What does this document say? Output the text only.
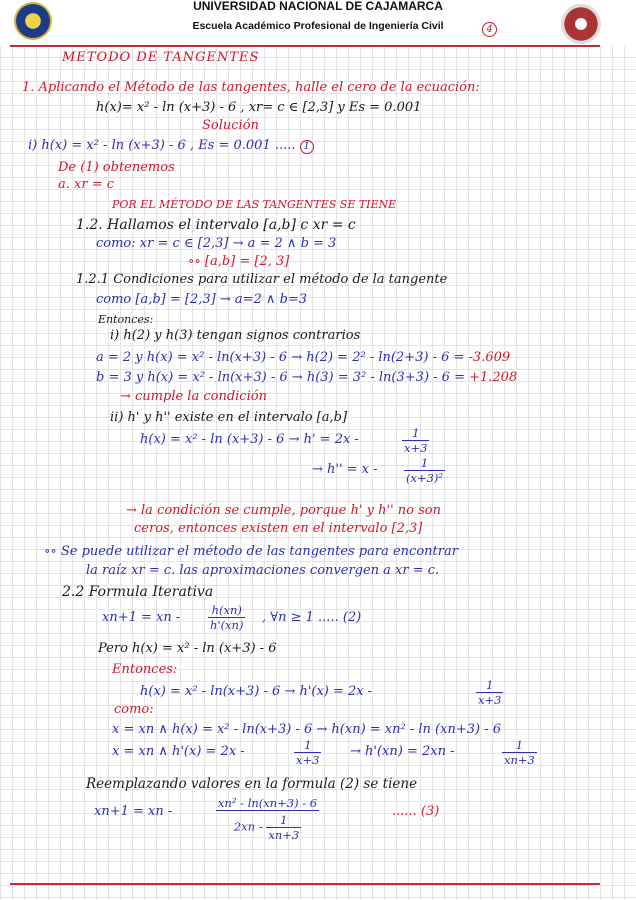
UNIVERSIDAD NACIONAL DE CAJAMARCA
Escuela Académico Profesional de Ingeniería Civil	4
METODO DE TANGENTES
1. Aplicando el Método de las tangentes, halle el cero de la ecuación:
h(x)= x² - ln (x+3) - 6 , xr= c ∈ [2,3] y Es = 0.001
Solución
i) h(x) = x² - ln (x+3) - 6 , Es = 0.001 ..... 1
De (1) obtenemos
a. xr = c
POR EL MÉTODO DE LAS TANGENTES SE TIENE
1.2. Hallamos el intervalo [a,b] c xr = c
como: xr = c ∈ [2,3] → a = 2 ∧ b = 3
∘∘ [a,b] = [2, 3]
1.2.1 Condiciones para utilizar el método de la tangente
como [a,b] = [2,3] → a=2 ∧ b=3
Entonces:
i) h(2) y h(3) tengan signos contrarios
a = 2 y h(x) = x² - ln(x+3) - 6 → h(2) = 2² - ln(2+3) - 6 = -3.609
b = 3 y h(x) = x² - ln(x+3) - 6 → h(3) = 3² - ln(3+3) - 6 = +1.208
→ cumple la condición
ii) h' y h'' existe en el intervalo [a,b]
h(x) = x² - ln (x+3) - 6 → h' = 2x -	$\frac{1}{x+3}$
→ $h'' = x - \frac{1}{\text{(x+3)²}}$
→ la condición se cumple, porque h' y h'' no son
ceros, entonces existen en el intervalo [2,3]
∘∘ Se puede utilizar el método de las tangentes para encontrar
la raíz xr = c. las aproximaciones convergen a xr = c.
2.2 Formula Iterativa
xn+1 = xn - $\frac{h(xn)}{h'(xn)}$ , ∀n ≥ 1 ..... (2)
Pero h(x) = x² - ln (x+3) - 6
Entonces:
h(x) = x² - ln(x+3) - 6 → h'(x) = 2x -	$\frac{1}{x+3}$
como:
x = xn ∧ h(x) = x² - ln(x+3) - 6 → h(xn) = xn² - ln (xn+3) - 6
x = xn ∧ h'(x) = 2x -	$\frac{1}{x+3} \to h'(xn) = 2xn$ -	$\frac{1}{xn+3}$
Reemplazando valores en la formula (2) se tiene
xn+1 = xn -	$\frac{\text{xn² - ln(xn+3) - 6}}{2xn - \frac{1}{xn+3}}$	...... (3)
